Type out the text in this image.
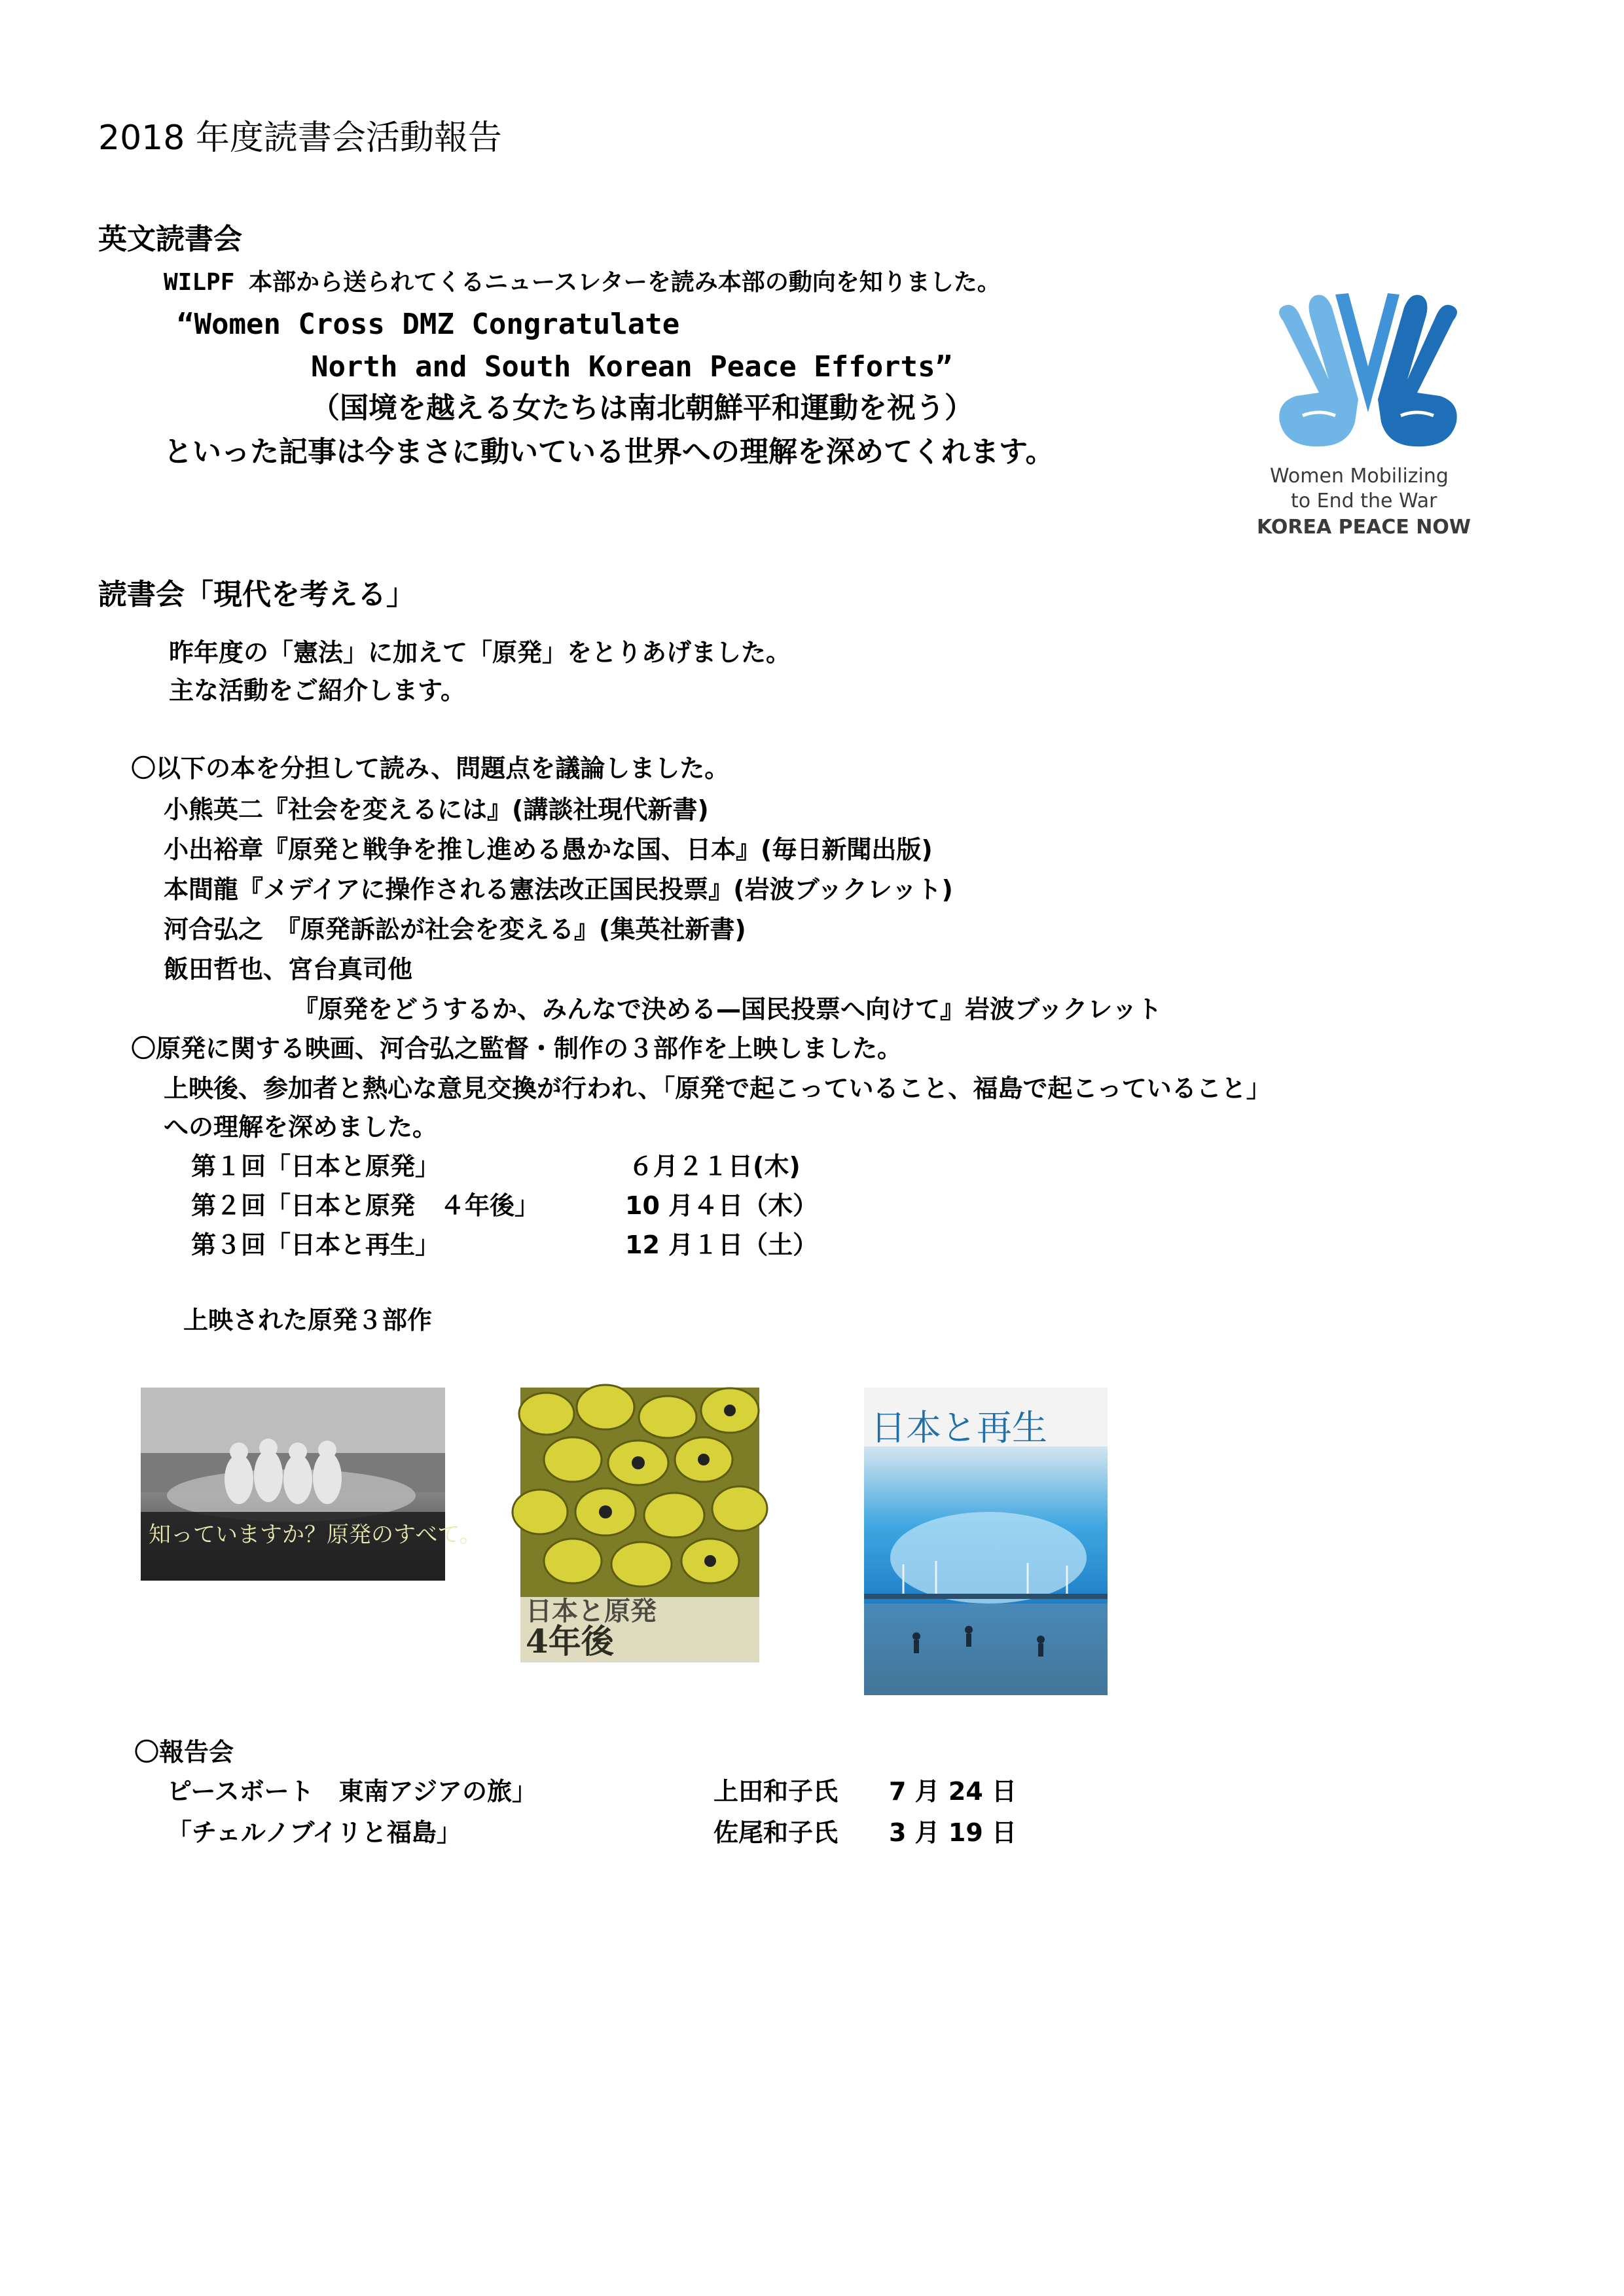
2018 年度読書会活動報告
英文読書会
WILPF 本部から送られてくるニュースレターを読み本部の動向を知りました。
“Women Cross DMZ Congratulate
North and South Korean Peace Efforts”
（国境を越える女たちは南北朝鮮平和運動を祝う）
といった記事は今まさに動いている世界への理解を深めてくれます。
Women Mobilizing
to End the War
KOREA PEACE NOW
読書会「現代を考える」
昨年度の「憲法」に加えて「原発」をとりあげました。
主な活動をご紹介します。
〇以下の本を分担して読み、問題点を議論しました。
小熊英二『社会を変えるには』(講談社現代新書)
小出裕章『原発と戦争を推し進める愚かな国、日本』(毎日新聞出版)
本間龍『メデイアに操作される憲法改正国民投票』(岩波ブックレット)
河合弘之　『原発訴訟が社会を変える』(集英社新書)
飯田哲也、宮台真司他
『原発をどうするか、みんなで決める—国民投票へ向けて』岩波ブックレット
〇原発に関する映画、河合弘之監督・制作の３部作を上映しました。
上映後、参加者と熱心な意見交換が行われ、「原発で起こっていること、福島で起こっていること」
への理解を深めました。
第１回「日本と原発」	６月２１日(木)
第２回「日本と原発　４年後」	10 月４日（木）
第３回「日本と再生」	12 月１日（土）
上映された原発３部作
知っていますか？原発のすべて。
日本と原発
4年後
日本と再生
〇報告会
ピースボート　東南アジアの旅」	上田和子氏 7 月 24 日
「チェルノブイリと福島」	佐尾和子氏 3 月 19 日
